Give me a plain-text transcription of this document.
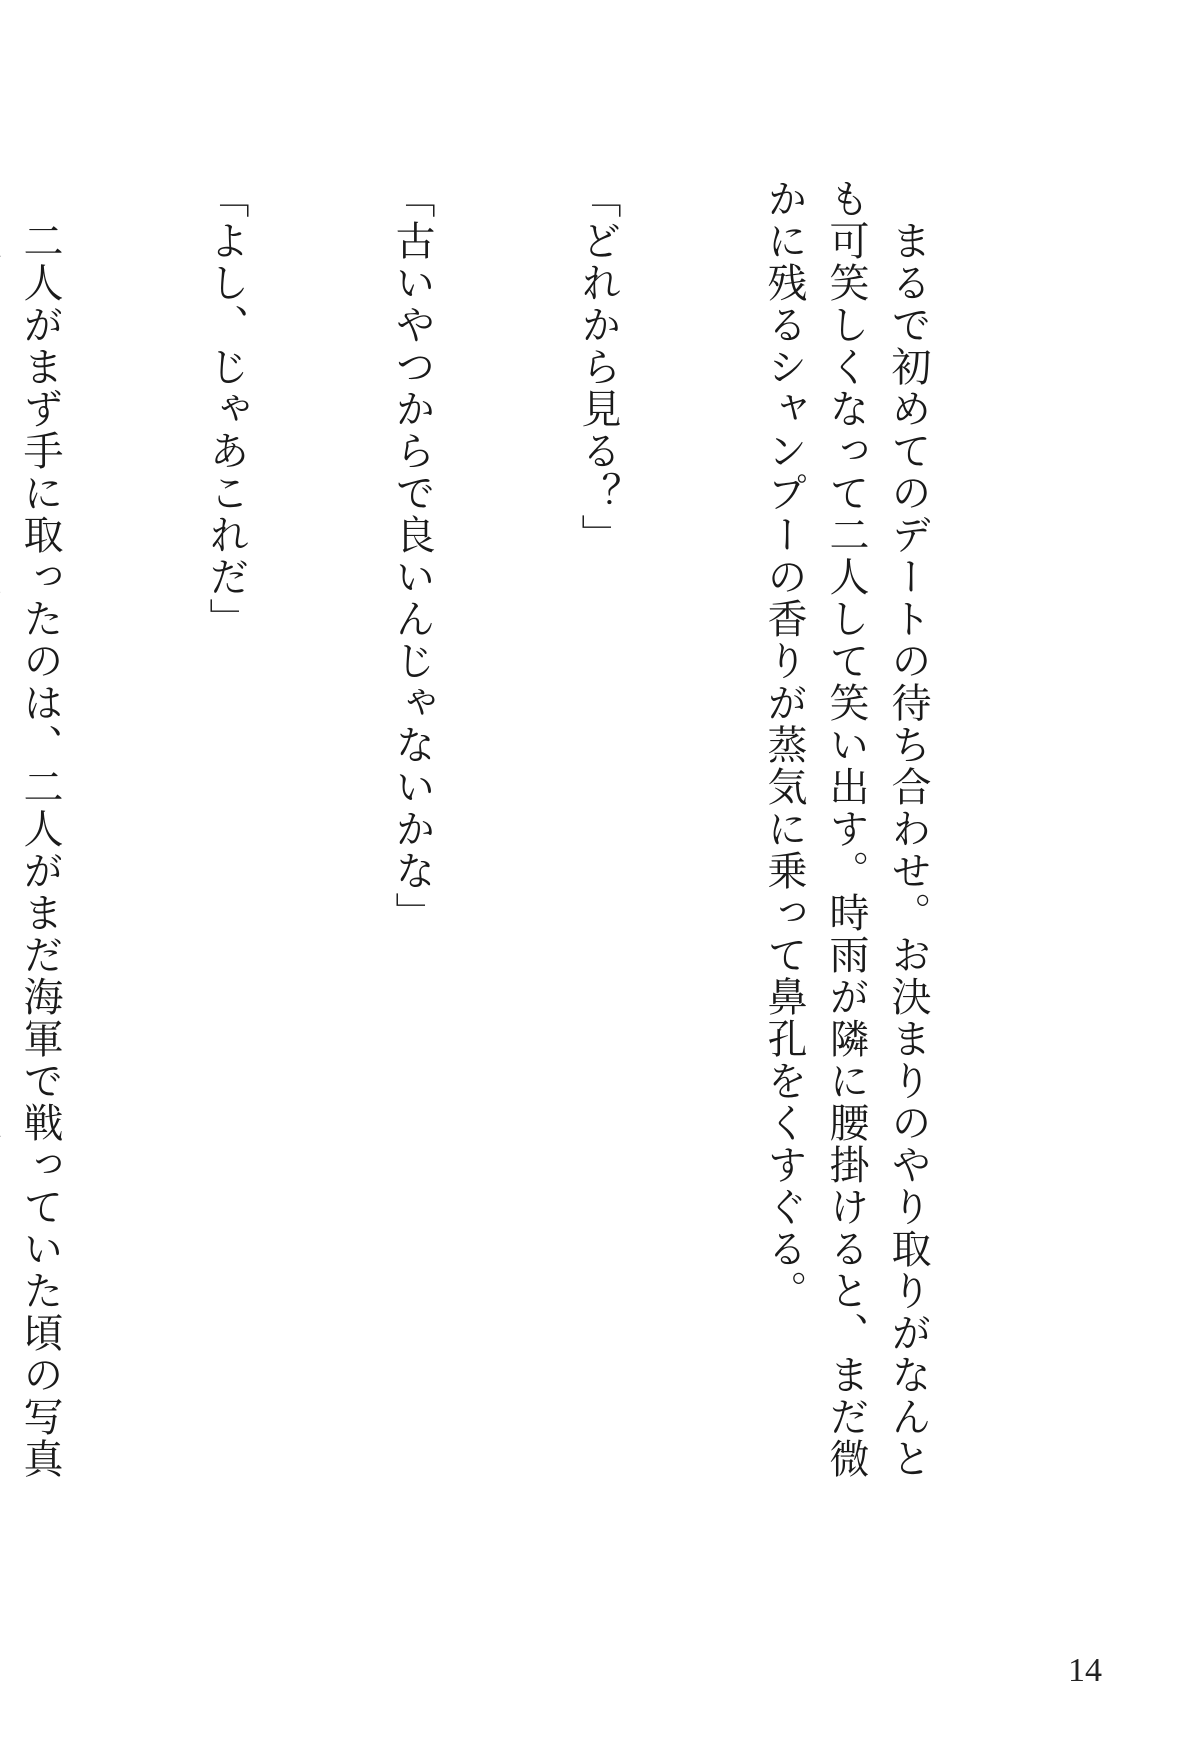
　まるで初めてのデートの待ち合わせ。お決まりのやり取りがなんとも可笑しくなって二人して笑い出す。時雨が隣に腰掛けると、まだ微かに残るシャンプーの香りが蒸気に乗って鼻孔をくすぐる。

「どれから見る？」

「古いやつからで良いんじゃないかな」

「よし、じゃあこれだ」

　二人がまず手に取ったのは、二人がまだ海軍で戦っていた頃の写真

14
